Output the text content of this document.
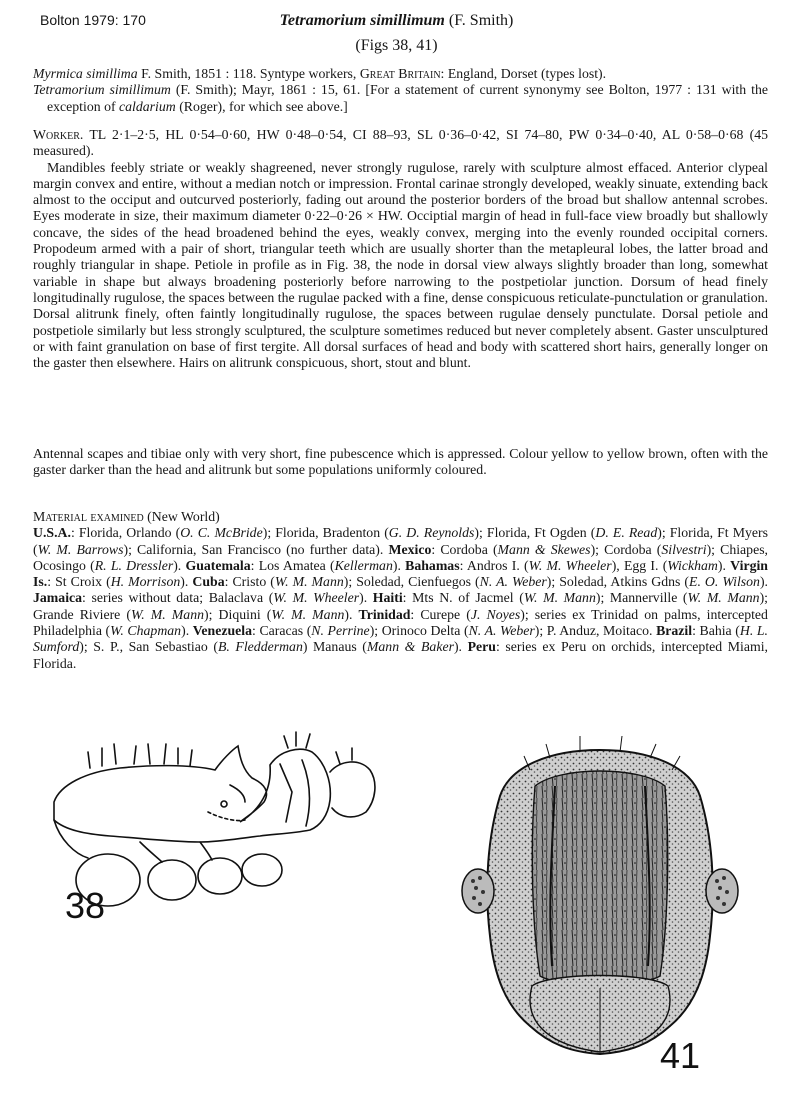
Bolton 1979: 170	Tetramorium simillimum (F. Smith)
(Figs 38, 41)

Myrmica simillima F. Smith, 1851 : 118. Syntype workers, Great Britain: England, Dorset (types lost).

Tetramorium simillimum (F. Smith); Mayr, 1861 : 15, 61. [For a statement of current synonymy see Bolton, 1977 : 131 with the exception of caldarium (Roger), for which see above.]

Worker. TL 2·1–2·5, HL 0·54–0·60, HW 0·48–0·54, CI 88–93, SL 0·36–0·42, SI 74–80, PW 0·34–0·40, AL 0·58–0·68 (45 measured).

Mandibles feebly striate or weakly shagreened, never strongly rugulose, rarely with sculpture almost effaced. Anterior clypeal margin convex and entire, without a median notch or impression. Frontal carinae strongly developed, weakly sinuate, extending back almost to the occiput and outcurved posteriorly, fading out around the posterior borders of the broad but shallow antennal scrobes. Eyes moderate in size, their maximum diameter 0·22–0·26 × HW. Occiptial margin of head in full-face view broadly but shallowly concave, the sides of the head broadened behind the eyes, weakly convex, merging into the evenly rounded occipital corners. Propodeum armed with a pair of short, triangular teeth which are usually shorter than the metapleural lobes, the latter broad and roughly triangular in shape. Petiole in profile as in Fig. 38, the node in dorsal view always slightly broader than long, somewhat variable in shape but always broadening posteriorly before narrowing to the postpetiolar junction. Dorsum of head finely longitudinally rugulose, the spaces between the rugulae packed with a fine, dense conspicuous reticulate-punctulation or granulation. Dorsal alitrunk finely, often faintly longitudinally rugulose, the spaces between rugulae densely punctulate. Dorsal petiole and postpetiole similarly but less strongly sculptured, the sculpture sometimes reduced but never completely absent. Gaster unsculptured or with faint granulation on base of first tergite. All dorsal surfaces of head and body with scattered short hairs, generally longer on the gaster then elsewhere. Hairs on alitrunk conspicuous, short, stout and blunt.

Antennal scapes and tibiae only with very short, fine pubescence which is appressed. Colour yellow to yellow brown, often with the gaster darker than the head and alitrunk but some populations uniformly coloured.

Material examined (New World)

U.S.A.: Florida, Orlando (O. C. McBride); Florida, Bradenton (G. D. Reynolds); Florida, Ft Ogden (D. E. Read); Florida, Ft Myers (W. M. Barrows); California, San Francisco (no further data). Mexico: Cordoba (Mann & Skewes); Cordoba (Silvestri); Chiapes, Ocosingo (R. L. Dressler). Guatemala: Los Amatea (Kellerman). Bahamas: Andros I. (W. M. Wheeler), Egg I. (Wickham). Virgin Is.: St Croix (H. Morrison). Cuba: Cristo (W. M. Mann); Soledad, Cienfuegos (N. A. Weber); Soledad, Atkins Gdns (E. O. Wilson). Jamaica: series without data; Balaclava (W. M. Wheeler). Haiti: Mts N. of Jacmel (W. M. Mann); Mannerville (W. M. Mann); Grande Riviere (W. M. Mann); Diquini (W. M. Mann). Trinidad: Curepe (J. Noyes); series ex Trinidad on palms, intercepted Philadelphia (W. Chapman). Venezuela: Caracas (N. Perrine); Orinoco Delta (N. A. Weber); P. Anduz, Moitaco. Brazil: Bahia (H. L. Sumford); S. P., San Sebastiao (B. Fledderman) Manaus (Mann & Baker). Peru: series ex Peru on orchids, intercepted Miami, Florida.

38
41
